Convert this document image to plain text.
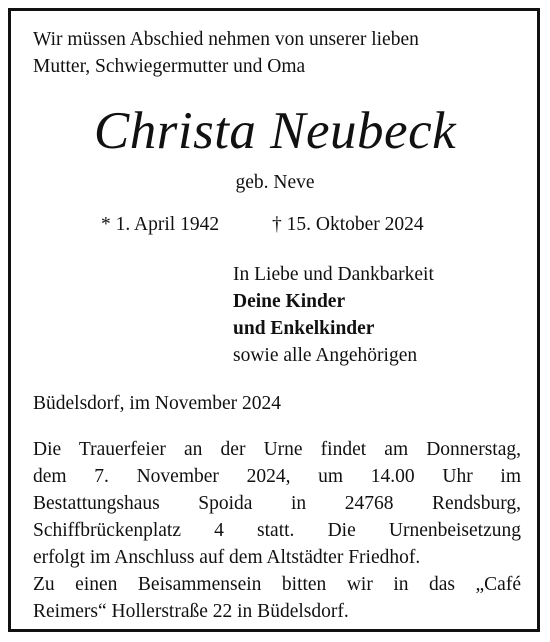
Wir müssen Abschied nehmen von unserer lieben
Mutter, Schwiegermutter und Oma
Christa Neubeck
geb. Neve
* 1. April 1942	† 15. Oktober 2024
In Liebe und Dankbarkeit
Deine Kinder
und Enkelkinder
sowie alle Angehörigen
Büdelsdorf, im November 2024
Die Trauerfeier an der Urne findet am Donnerstag,
dem 7. November 2024, um 14.00 Uhr im
Bestattungshaus Spoida in 24768 Rendsburg,
Schiffbrückenplatz 4 statt. Die Urnenbeisetzung
erfolgt im Anschluss auf dem Altstädter Friedhof.
Zu einen Beisammensein bitten wir in das „Café
Reimers“ Hollerstraße 22 in Büdelsdorf.
